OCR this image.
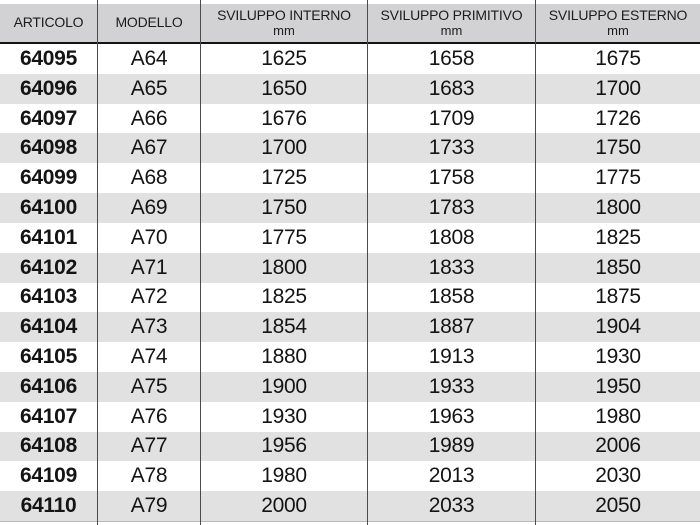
ARTICOLO
64095
64096
64097
64098
64099
64100
64101
64102
64103
64104
64105
64106
64107
64108
64109
64110
MODELLO
A64
A65
A66
A67
A68
A69
A70
A71
A72
A73
A74
A75
A76
A77
A78
A79
SVILUPPO INTERNO
mm
1625
1650
1676
1700
1725
1750
1775
1800
1825
1854
1880
1900
1930
1956
1980
2000
SVILUPPO PRIMITIVO
mm
1658
1683
1709
1733
1758
1783
1808
1833
1858
1887
1913
1933
1963
1989
2013
2033
SVILUPPO ESTERNO
mm
1675
1700
1726
1750
1775
1800
1825
1850
1875
1904
1930
1950
1980
2006
2030
2050
